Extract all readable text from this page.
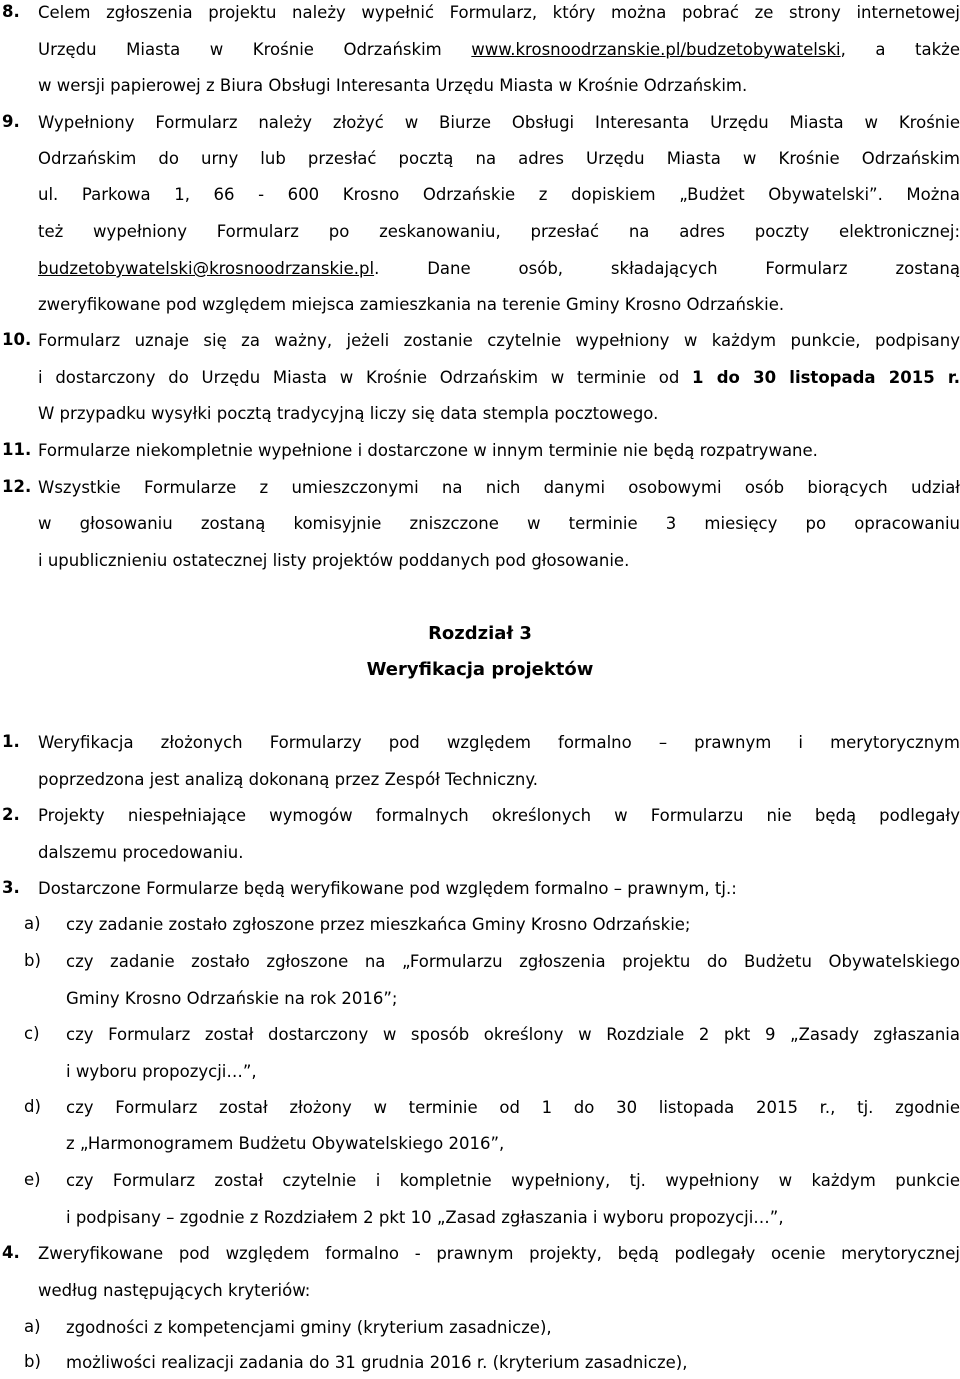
8. Celem zgłoszenia projektu należy wypełnić Formularz, który można pobrać ze strony internetowej
Urzędu Miasta w Krośnie Odrzańskim www.krosnoodrzanskie.pl/budzetobywatelski, a także
w wersji papierowej z Biura Obsługi Interesanta Urzędu Miasta w Krośnie Odrzańskim.
9. Wypełniony Formularz należy złożyć w Biurze Obsługi Interesanta Urzędu Miasta w Krośnie
Odrzańskim do urny lub przesłać pocztą na adres Urzędu Miasta w Krośnie Odrzańskim
ul. Parkowa 1, 66 - 600 Krosno Odrzańskie z dopiskiem „Budżet Obywatelski”. Można
też wypełniony Formularz po zeskanowaniu, przesłać na adres poczty elektronicznej:
budzetobywatelski@krosnoodrzanskie.pl. Dane osób, składających Formularz zostaną
zweryfikowane pod względem miejsca zamieszkania na terenie Gminy Krosno Odrzańskie.
10. Formularz uznaje się za ważny, jeżeli zostanie czytelnie wypełniony w każdym punkcie, podpisany
i dostarczony do Urzędu Miasta w Krośnie Odrzańskim w terminie od 1 do 30 listopada 2015 r.
W przypadku wysyłki pocztą tradycyjną liczy się data stempla pocztowego.
11. Formularze niekompletnie wypełnione i dostarczone w innym terminie nie będą rozpatrywane.
12. Wszystkie Formularze z umieszczonymi na nich danymi osobowymi osób biorących udział
w głosowaniu zostaną komisyjnie zniszczone w terminie 3 miesięcy po opracowaniu
i upublicznieniu ostatecznej listy projektów poddanych pod głosowanie.
Rozdział 3
Weryfikacja projektów
1. Weryfikacja złożonych Formularzy pod względem formalno – prawnym i merytorycznym
poprzedzona jest analizą dokonaną przez Zespół Techniczny.
2. Projekty niespełniające wymogów formalnych określonych w Formularzu nie będą podlegały
dalszemu procedowaniu.
3. Dostarczone Formularze będą weryfikowane pod względem formalno – prawnym, tj.:
a) czy zadanie zostało zgłoszone przez mieszkańca Gminy Krosno Odrzańskie;
b) czy zadanie zostało zgłoszone na „Formularzu zgłoszenia projektu do Budżetu Obywatelskiego
Gminy Krosno Odrzańskie na rok 2016”;
c) czy Formularz został dostarczony w sposób określony w Rozdziale 2 pkt 9 „Zasady zgłaszania
i wyboru propozycji…”,
d) czy Formularz został złożony w terminie od 1 do 30 listopada 2015 r., tj. zgodnie
z „Harmonogramem Budżetu Obywatelskiego 2016”,
e) czy Formularz został czytelnie i kompletnie wypełniony, tj. wypełniony w każdym punkcie
i podpisany – zgodnie z Rozdziałem 2 pkt 10 „Zasad zgłaszania i wyboru propozycji…”,
4. Zweryfikowane pod względem formalno - prawnym projekty, będą podlegały ocenie merytorycznej
według następujących kryteriów:
a) zgodności z kompetencjami gminy (kryterium zasadnicze),
b) możliwości realizacji zadania do 31 grudnia 2016 r. (kryterium zasadnicze),
